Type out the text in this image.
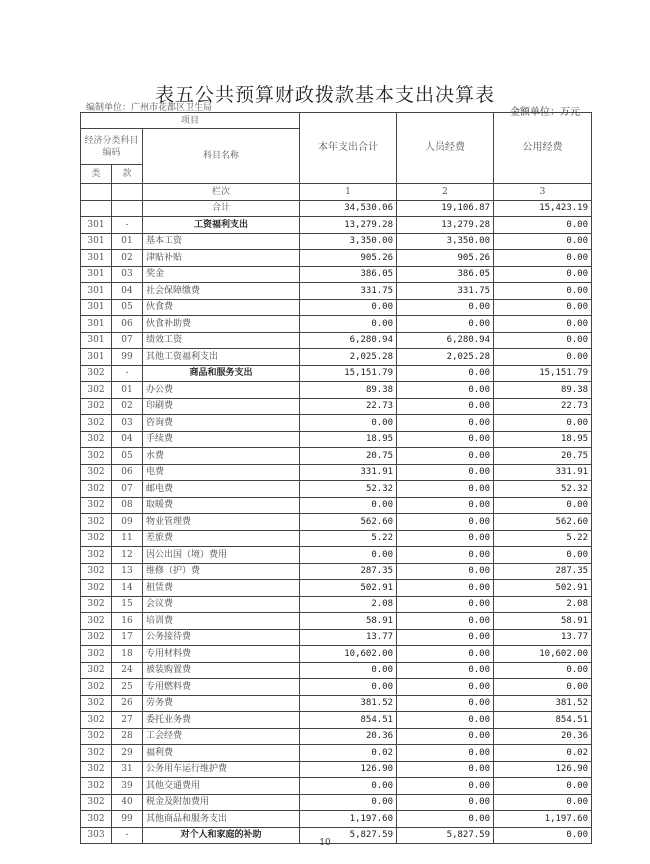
表五公共预算财政拨款基本支出决算表
编制单位：广州市花都区卫生局	金额单位：万元
项目			本年支出合计	人员经费	公用经费
经济分类科目编码		科目名称			
类	款				
		栏次	1	2	3
		合计	34,530.06	19,106.87	15,423.19
301	-	工资福利支出	13,279.28	13,279.28	0.00
301	01	基本工资	3,350.00	3,350.00	0.00
301	02	津贴补贴	905.26	905.26	0.00
301	03	奖金	386.05	386.05	0.00
301	04	社会保障缴费	331.75	331.75	0.00
301	05	伙食费	0.00	0.00	0.00
301	06	伙食补助费	0.00	0.00	0.00
301	07	绩效工资	6,280.94	6,280.94	0.00
301	99	其他工资福利支出	2,025.28	2,025.28	0.00
302	-	商品和服务支出	15,151.79	0.00	15,151.79
302	01	办公费	89.38	0.00	89.38
302	02	印刷费	22.73	0.00	22.73
302	03	咨询费	0.00	0.00	0.00
302	04	手续费	18.95	0.00	18.95
302	05	水费	20.75	0.00	20.75
302	06	电费	331.91	0.00	331.91
302	07	邮电费	52.32	0.00	52.32
302	08	取暖费	0.00	0.00	0.00
302	09	物业管理费	562.60	0.00	562.60
302	11	差旅费	5.22	0.00	5.22
302	12	因公出国（境）费用	0.00	0.00	0.00
302	13	维修（护）费	287.35	0.00	287.35
302	14	租赁费	502.91	0.00	502.91
302	15	会议费	2.08	0.00	2.08
302	16	培训费	58.91	0.00	58.91
302	17	公务接待费	13.77	0.00	13.77
302	18	专用材料费	10,602.00	0.00	10,602.00
302	24	被装购置费	0.00	0.00	0.00
302	25	专用燃料费	0.00	0.00	0.00
302	26	劳务费	381.52	0.00	381.52
302	27	委托业务费	854.51	0.00	854.51
302	28	工会经费	20.36	0.00	20.36
302	29	福利费	0.02	0.00	0.02
302	31	公务用车运行维护费	126.90	0.00	126.90
302	39	其他交通费用	0.00	0.00	0.00
302	40	税金及附加费用	0.00	0.00	0.00
302	99	其他商品和服务支出	1,197.60	0.00	1,197.60
303	-	对个人和家庭的补助	5,827.59	5,827.59	0.00
10
